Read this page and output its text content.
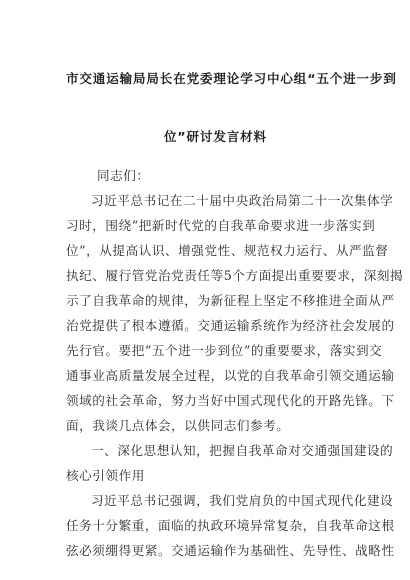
市交通运输局局长在党委理论学习中心组“五个进一步到
位”研讨发言材料

同志们：

习近平总书记在二十届中央政治局第二十一次集体学

习时，围绕“把新时代党的自我革命要求进一步落实到

位”，从提高认识、增强党性、规范权力运行、从严监督

执纪、履行管党治党责任等5个方面提出重要要求，深刻揭

示了自我革命的规律，为新征程上坚定不移推进全面从严

治党提供了根本遵循。交通运输系统作为经济社会发展的

先行官。要把“五个进一步到位”的重要要求，落实到交

通事业高质量发展全过程，以党的自我革命引领交通运输

领域的社会革命，努力当好中国式现代化的开路先锋。下

面，我谈几点体会，以供同志们参考。

一、深化思想认知，把握自我革命对交通强国建设的

核心引领作用

习近平总书记强调，我们党肩负的中国式现代化建设

任务十分繁重，面临的执政环境异常复杂，自我革命这根

弦必须绷得更紧。交通运输作为基础性、先导性、战略性
